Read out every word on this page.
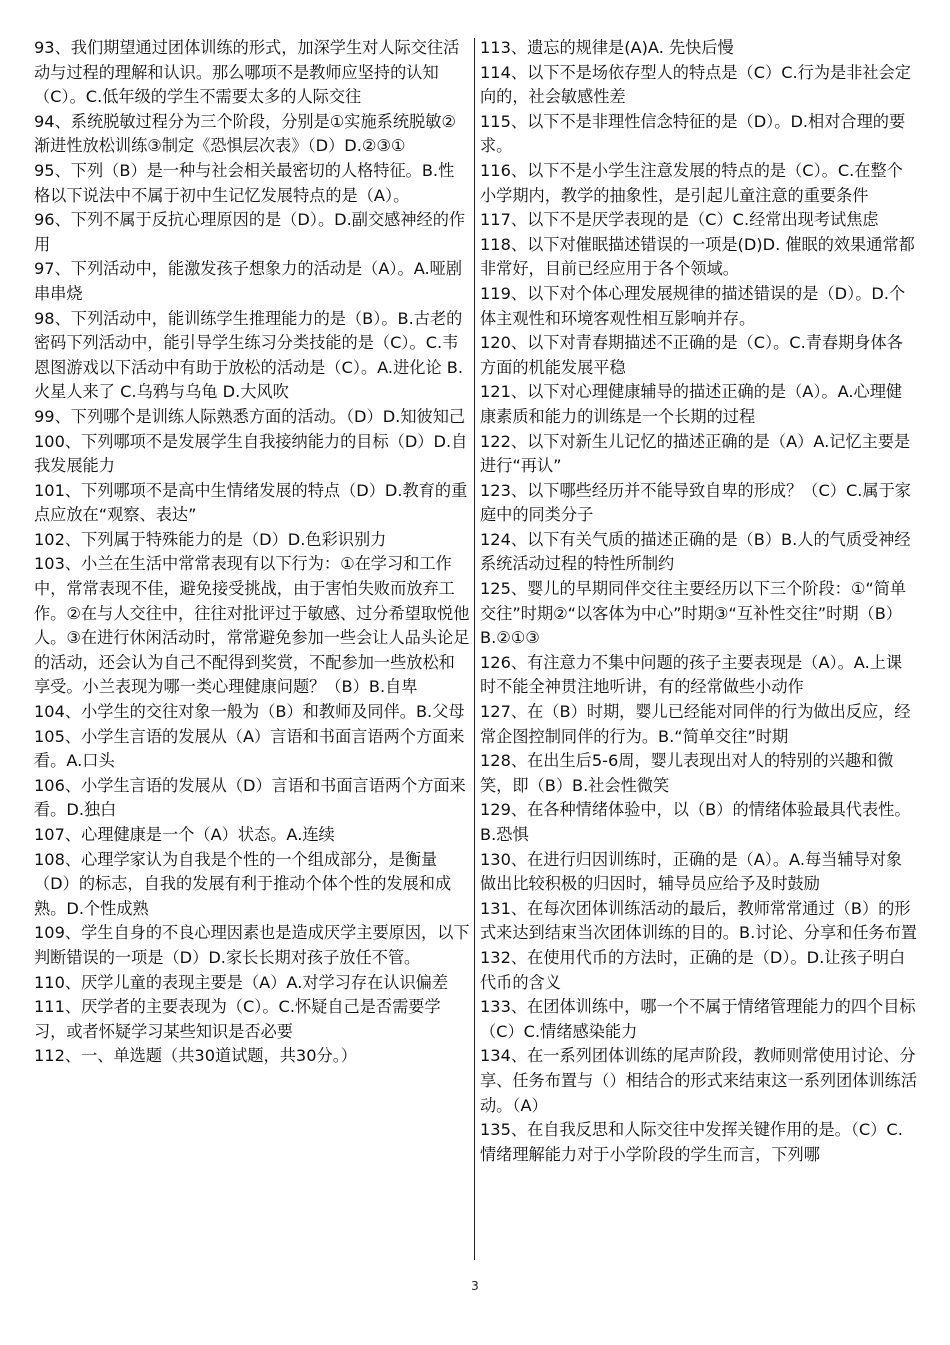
93、我们期望通过团体训练的形式，加深学生对人际交往活动与过程的理解和认识。那么哪项不是教师应坚持的认知（C）。C.低年级的学生不需要太多的人际交往

94、系统脱敏过程分为三个阶段，分别是①实施系统脱敏②渐进性放松训练③制定《恐惧层次表》（D）D.②③①

95、下列（B）是一种与社会相关最密切的人格特征。B.性格以下说法中不属于初中生记忆发展特点的是（A）。

96、下列不属于反抗心理原因的是（D）。D.副交感神经的作用

97、下列活动中，能激发孩子想象力的活动是（A）。A.哑剧串串烧

98、下列活动中，能训练学生推理能力的是（B）。B.古老的密码下列活动中，能引导学生练习分类技能的是（C）。C.韦恩图游戏以下活动中有助于放松的活动是（C）。A.进化论 B.火星人来了 C.乌鸦与乌龟 D.大风吹

99、下列哪个是训练人际熟悉方面的活动。（D）D.知彼知己

100、下列哪项不是发展学生自我接纳能力的目标（D）D.自我发展能力

101、下列哪项不是高中生情绪发展的特点（D）D.教育的重点应放在“观察、表达”

102、下列属于特殊能力的是（D）D.色彩识别力

103、小兰在生活中常常表现有以下行为：①在学习和工作中，常常表现不佳，避免接受挑战，由于害怕失败而放弃工作。②在与人交往中，往往对批评过于敏感、过分希望取悦他人。③在进行休闲活动时，常常避免参加一些会让人品头论足的活动，还会认为自己不配得到奖赏，不配参加一些放松和享受。小兰表现为哪一类心理健康问题？（B）B.自卑

104、小学生的交往对象一般为（B）和教师及同伴。B.父母

105、小学生言语的发展从（A）言语和书面言语两个方面来看。A.口头

106、小学生言语的发展从（D）言语和书面言语两个方面来看。D.独白

107、心理健康是一个（A）状态。A.连续

108、心理学家认为自我是个性的一个组成部分，是衡量（D）的标志，自我的发展有利于推动个体个性的发展和成熟。D.个性成熟

109、学生自身的不良心理因素也是造成厌学主要原因，以下判断错误的一项是（D）D.家长长期对孩子放任不管。

110、厌学儿童的表现主要是（A）A.对学习存在认识偏差

111、厌学者的主要表现为（C）。C.怀疑自己是否需要学习，或者怀疑学习某些知识是否必要

112、一、单选题（共30道试题，共30分。）

113、遗忘的规律是(A)A. 先快后慢

114、以下不是场依存型人的特点是（C）C.行为是非社会定向的，社会敏感性差

115、以下不是非理性信念特征的是（D）。D.相对合理的要求。

116、以下不是小学生注意发展的特点的是（C）。C.在整个小学期内，教学的抽象性，是引起儿童注意的重要条件

117、以下不是厌学表现的是（C）C.经常出现考试焦虑

118、以下对催眠描述错误的一项是(D)D. 催眠的效果通常都非常好，目前已经应用于各个领域。

119、以下对个体心理发展规律的描述错误的是（D）。D.个体主观性和环境客观性相互影响并存。

120、以下对青春期描述不正确的是（C）。C.青春期身体各方面的机能发展平稳

121、以下对心理健康辅导的描述正确的是（A）。A.心理健康素质和能力的训练是一个长期的过程

122、以下对新生儿记忆的描述正确的是（A）A.记忆主要是进行“再认”

123、以下哪些经历并不能导致自卑的形成？（C）C.属于家庭中的同类分子

124、以下有关气质的描述正确的是（B）B.人的气质受神经系统活动过程的特性所制约

125、婴儿的早期同伴交往主要经历以下三个阶段：①“简单交往”时期②“以客体为中心”时期③“互补性交往”时期（B）B.②①③

126、有注意力不集中问题的孩子主要表现是（A）。A.上课时不能全神贯注地听讲，有的经常做些小动作

127、在（B）时期，婴儿已经能对同伴的行为做出反应，经常企图控制同伴的行为。B.“简单交往”时期

128、在出生后5-6周，婴儿表现出对人的特别的兴趣和微笑，即（B）B.社会性微笑

129、在各种情绪体验中，以（B）的情绪体验最具代表性。B.恐惧

130、在进行归因训练时，正确的是（A）。A.每当辅导对象做出比较积极的归因时，辅导员应给予及时鼓励

131、在每次团体训练活动的最后，教师常常通过（B）的形式来达到结束当次团体训练的目的。B.讨论、分享和任务布置

132、在使用代币的方法时，正确的是（D）。D.让孩子明白代币的含义

133、在团体训练中，哪一个不属于情绪管理能力的四个目标（C）C.情绪感染能力

134、在一系列团体训练的尾声阶段，教师则常使用讨论、分享、任务布置与（）相结合的形式来结束这一系列团体训练活动。（A）

135、在自我反思和人际交往中发挥关键作用的是。（C）C.情绪理解能力对于小学阶段的学生而言，下列哪

3
